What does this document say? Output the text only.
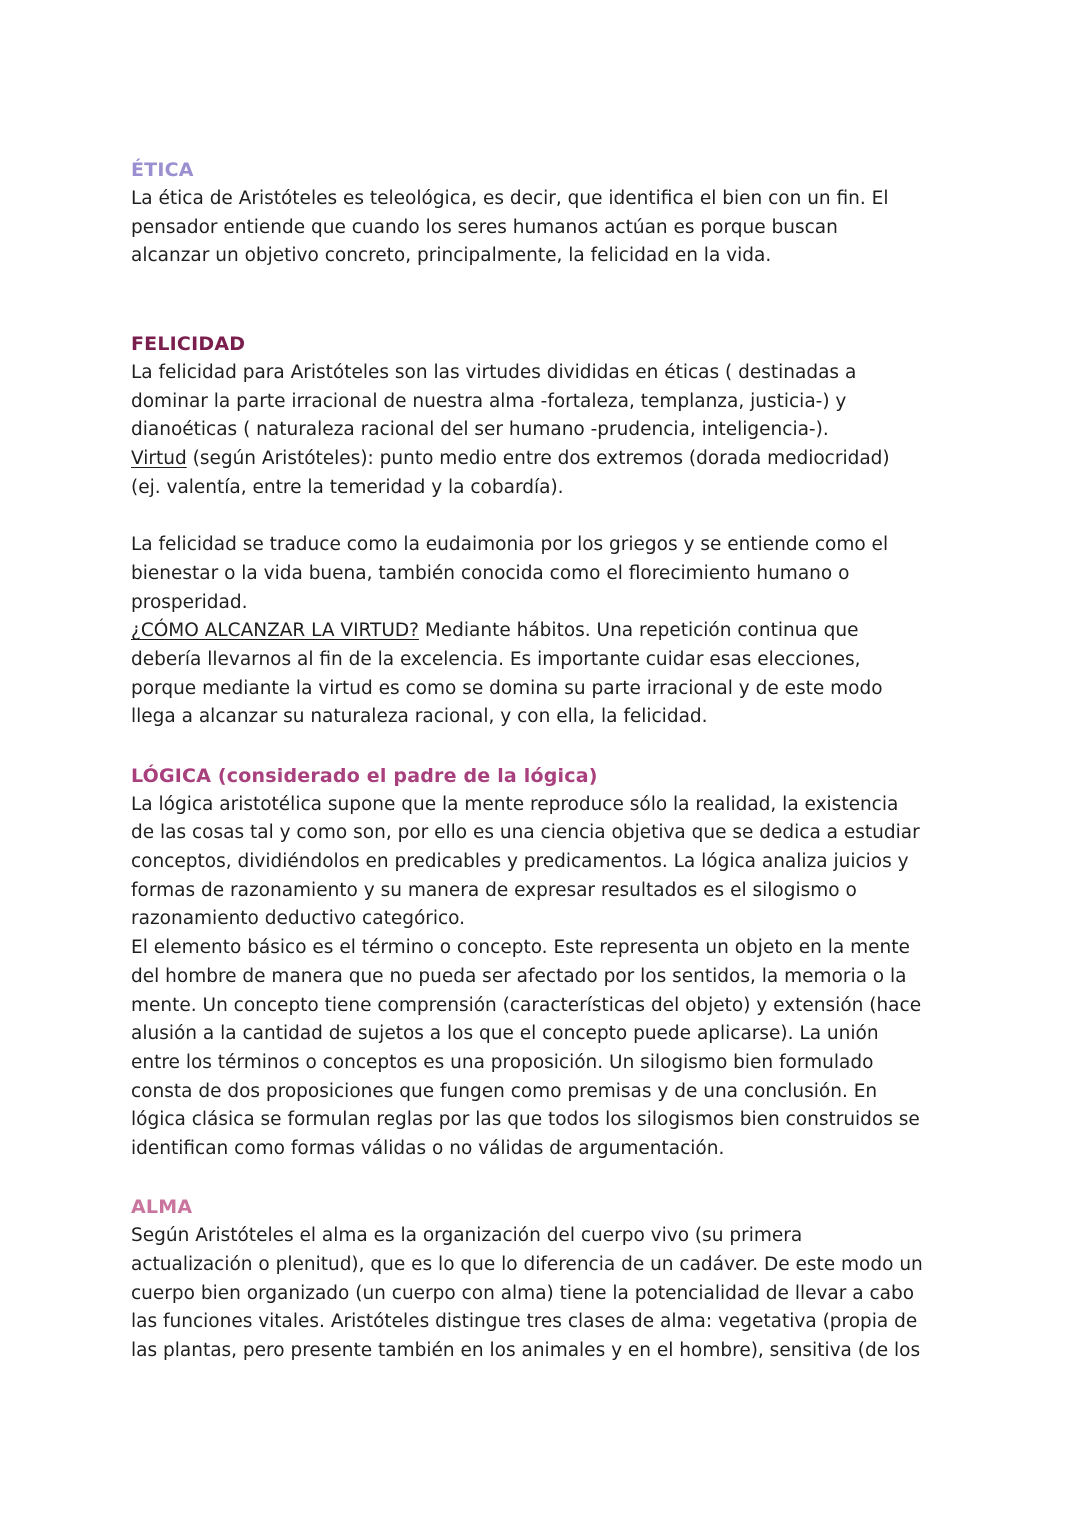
ÉTICA

La ética de Aristóteles es teleológica, es decir, que identifica el bien con un fin. El
pensador entiende que cuando los seres humanos actúan es porque buscan
alcanzar un objetivo concreto, principalmente, la felicidad en la vida.

FELICIDAD

La felicidad para Aristóteles son las virtudes divididas en éticas ( destinadas a
dominar la parte irracional de nuestra alma -fortaleza, templanza, justicia-) y
dianoéticas ( naturaleza racional del ser humano -prudencia, inteligencia-).
Virtud (según Aristóteles): punto medio entre dos extremos (dorada mediocridad)
(ej. valentía, entre la temeridad y la cobardía).

La felicidad se traduce como la eudaimonia por los griegos y se entiende como el
bienestar o la vida buena, también conocida como el florecimiento humano o
prosperidad.
¿CÓMO ALCANZAR LA VIRTUD? Mediante hábitos. Una repetición continua que
debería llevarnos al fin de la excelencia. Es importante cuidar esas elecciones,
porque mediante la virtud es como se domina su parte irracional y de este modo
llega a alcanzar su naturaleza racional, y con ella, la felicidad.

LÓGICA (considerado el padre de la lógica)

La lógica aristotélica supone que la mente reproduce sólo la realidad, la existencia
de las cosas tal y como son, por ello es una ciencia objetiva que se dedica a estudiar
conceptos, dividiéndolos en predicables y predicamentos. La lógica analiza juicios y
formas de razonamiento y su manera de expresar resultados es el silogismo o
razonamiento deductivo categórico.
El elemento básico es el término o concepto. Este representa un objeto en la mente
del hombre de manera que no pueda ser afectado por los sentidos, la memoria o la
mente. Un concepto tiene comprensión (características del objeto) y extensión (hace
alusión a la cantidad de sujetos a los que el concepto puede aplicarse). La unión
entre los términos o conceptos es una proposición. Un silogismo bien formulado
consta de dos proposiciones que fungen como premisas y de una conclusión. En
lógica clásica se formulan reglas por las que todos los silogismos bien construidos se
identifican como formas válidas o no válidas de argumentación.

ALMA

Según Aristóteles el alma es la organización del cuerpo vivo (su primera
actualización o plenitud), que es lo que lo diferencia de un cadáver. De este modo un
cuerpo bien organizado (un cuerpo con alma) tiene la potencialidad de llevar a cabo
las funciones vitales. Aristóteles distingue tres clases de alma: vegetativa (propia de
las plantas, pero presente también en los animales y en el hombre), sensitiva (de los
